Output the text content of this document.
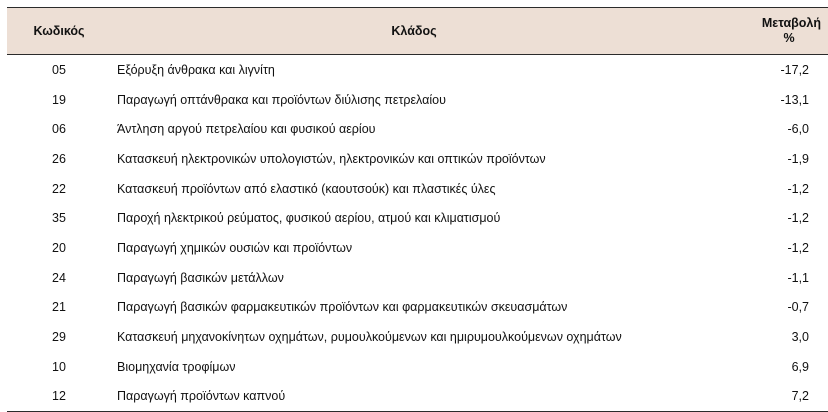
Κωδικός	Κλάδος	Μεταβολή
%

05	Εξόρυξη άνθρακα και λιγνίτη	-17,2
19	Παραγωγή οπτάνθρακα και προϊόντων διύλισης πετρελαίου	-13,1
06	Άντληση αργού πετρελαίου και φυσικού αερίου	-6,0
26	Κατασκευή ηλεκτρονικών υπολογιστών, ηλεκτρονικών και οπτικών προϊόντων	-1,9
22	Κατασκευή προϊόντων από ελαστικό (καουτσούκ) και πλαστικές ύλες	-1,2
35	Παροχή ηλεκτρικού ρεύματος, φυσικού αερίου, ατμού και κλιματισμού	-1,2
20	Παραγωγή χημικών ουσιών και προϊόντων	-1,2
24	Παραγωγή βασικών μετάλλων	-1,1
21	Παραγωγή βασικών φαρμακευτικών προϊόντων και φαρμακευτικών σκευασμάτων	-0,7
29	Κατασκευή μηχανοκίνητων οχημάτων, ρυμουλκούμενων και ημιρυμουλκούμενων οχημάτων	3,0
10	Βιομηχανία τροφίμων	6,9
12	Παραγωγή προϊόντων καπνού	7,2
